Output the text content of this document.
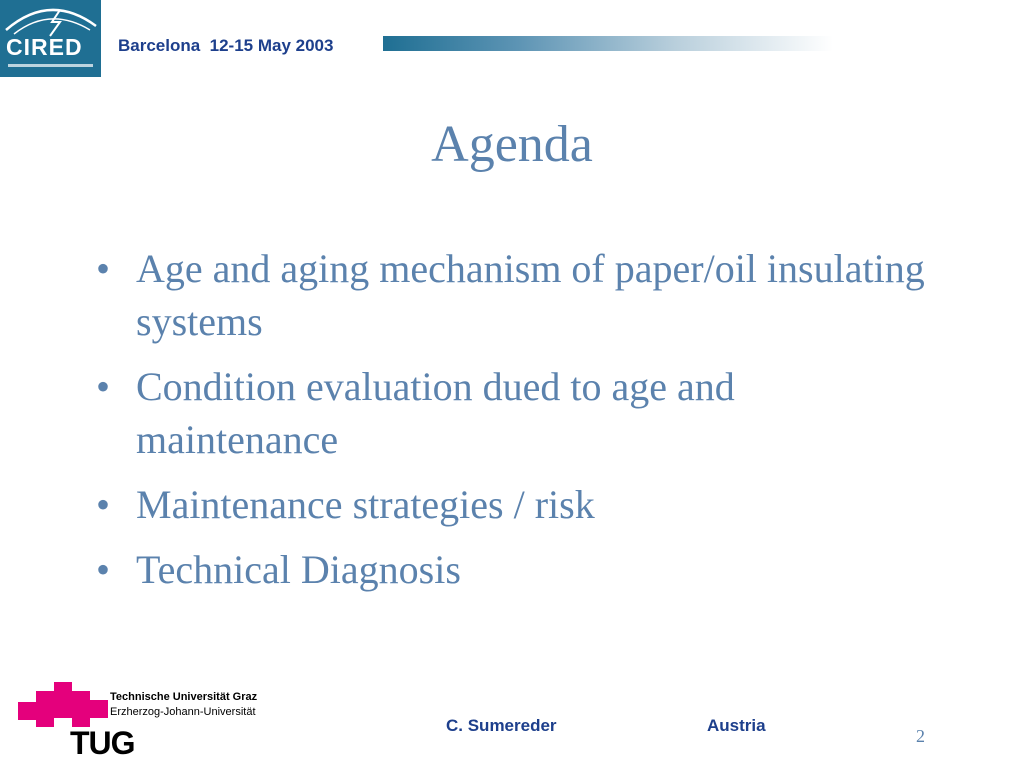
CIRED Barcelona  12-15 May 2003
Agenda
• Age and aging mechanism of paper/oil insulating systems
• Condition evaluation dued to age and maintenance
• Maintenance strategies / risk
• Technical Diagnosis
Technische Universität Graz
Erzherzog-Johann-Universität
TUG	C. Sumereder	Austria
2
